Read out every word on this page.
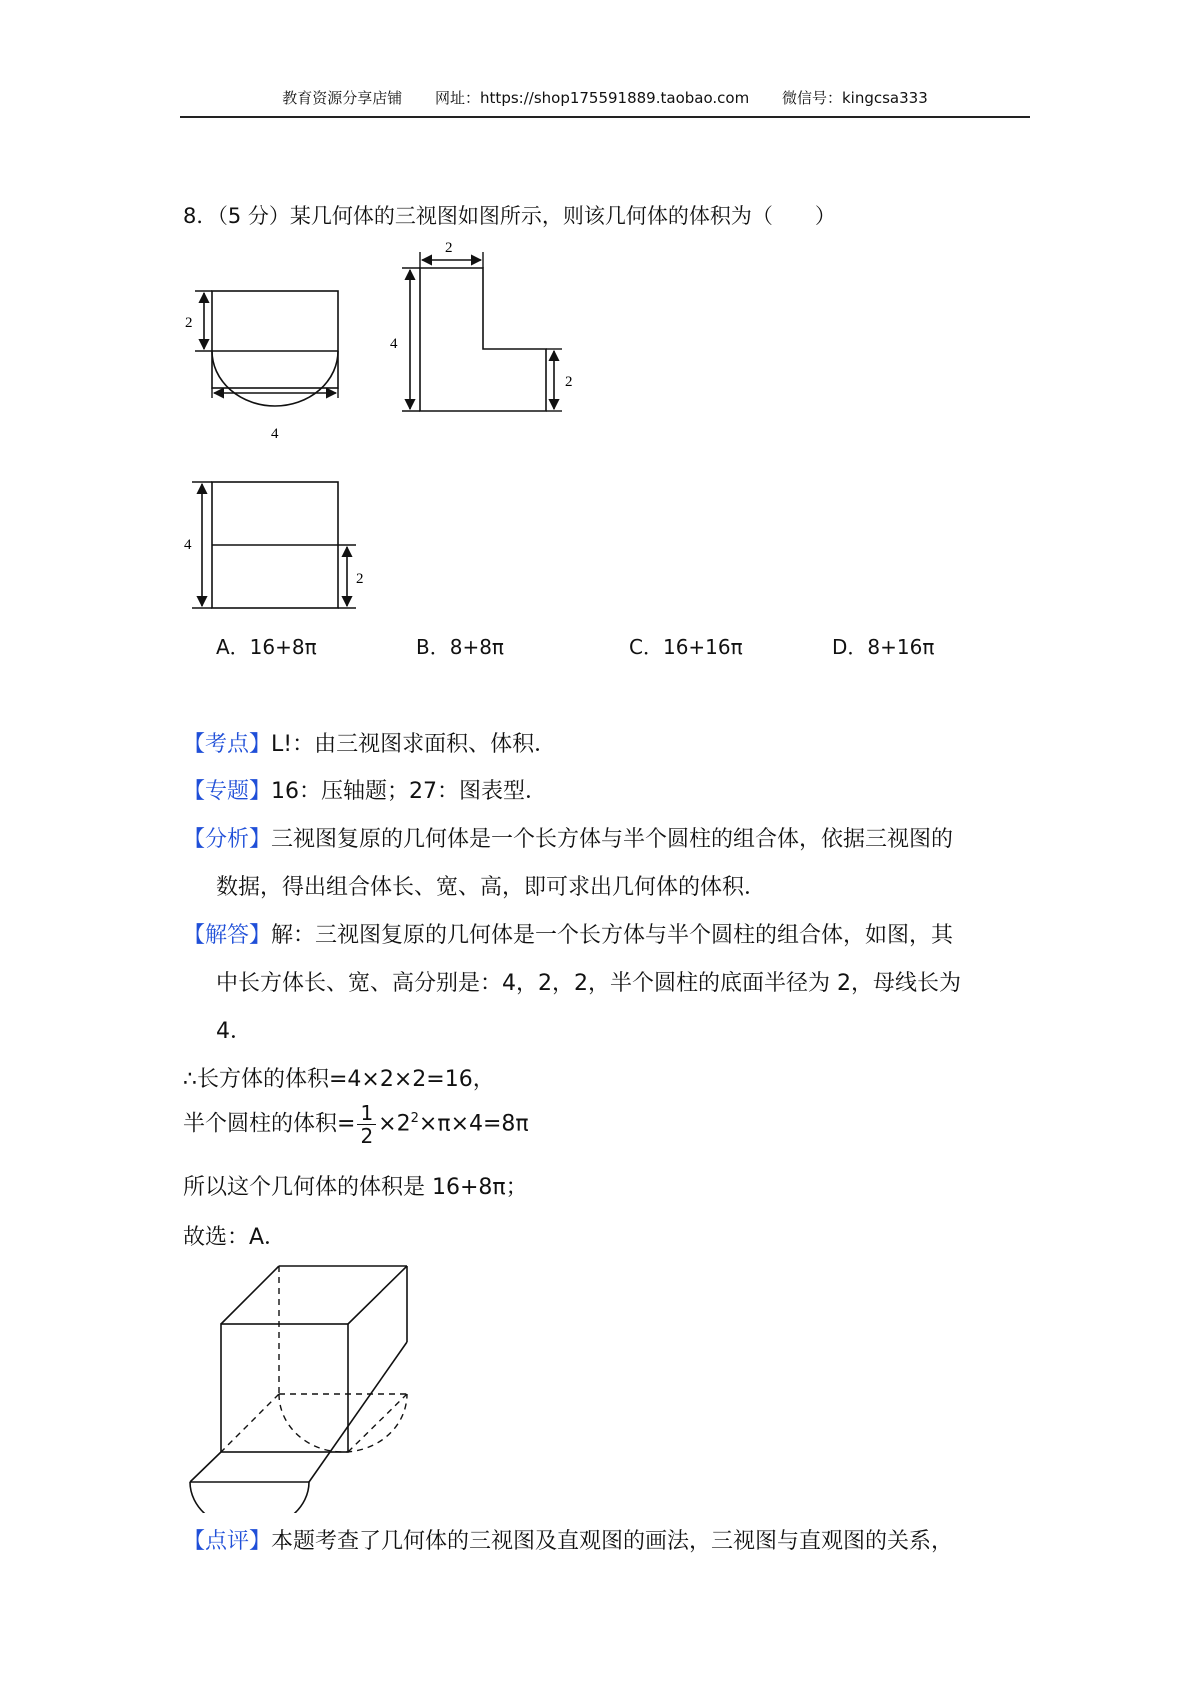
教育资源分享店铺 网址：https://shop175591889.taobao.com 微信号：kingcsa333
8．（5 分）某几何体的三视图如图所示，则该几何体的体积为（　　）
2
4
2
4
2
4
2
A．16+8π	B．8+8π	C．16+16π	D．8+16π
【考点】L!：由三视图求面积、体积．
【专题】16：压轴题；27：图表型．
【分析】三视图复原的几何体是一个长方体与半个圆柱的组合体，依据三视图的
数据，得出组合体长、宽、高，即可求出几何体的体积．
【解答】解：三视图复原的几何体是一个长方体与半个圆柱的组合体，如图，其
中长方体长、宽、高分别是：4，2，2，半个圆柱的底面半径为 2，母线长为
4．
∴长方体的体积=4×2×2=16，
半个圆柱的体积= $\frac{1}{2} \times 2^2\times\pi\times 4=8\pi$
所以这个几何体的体积是 16+8π；
故选：A．
【点评】本题考查了几何体的三视图及直观图的画法，三视图与直观图的关系，
